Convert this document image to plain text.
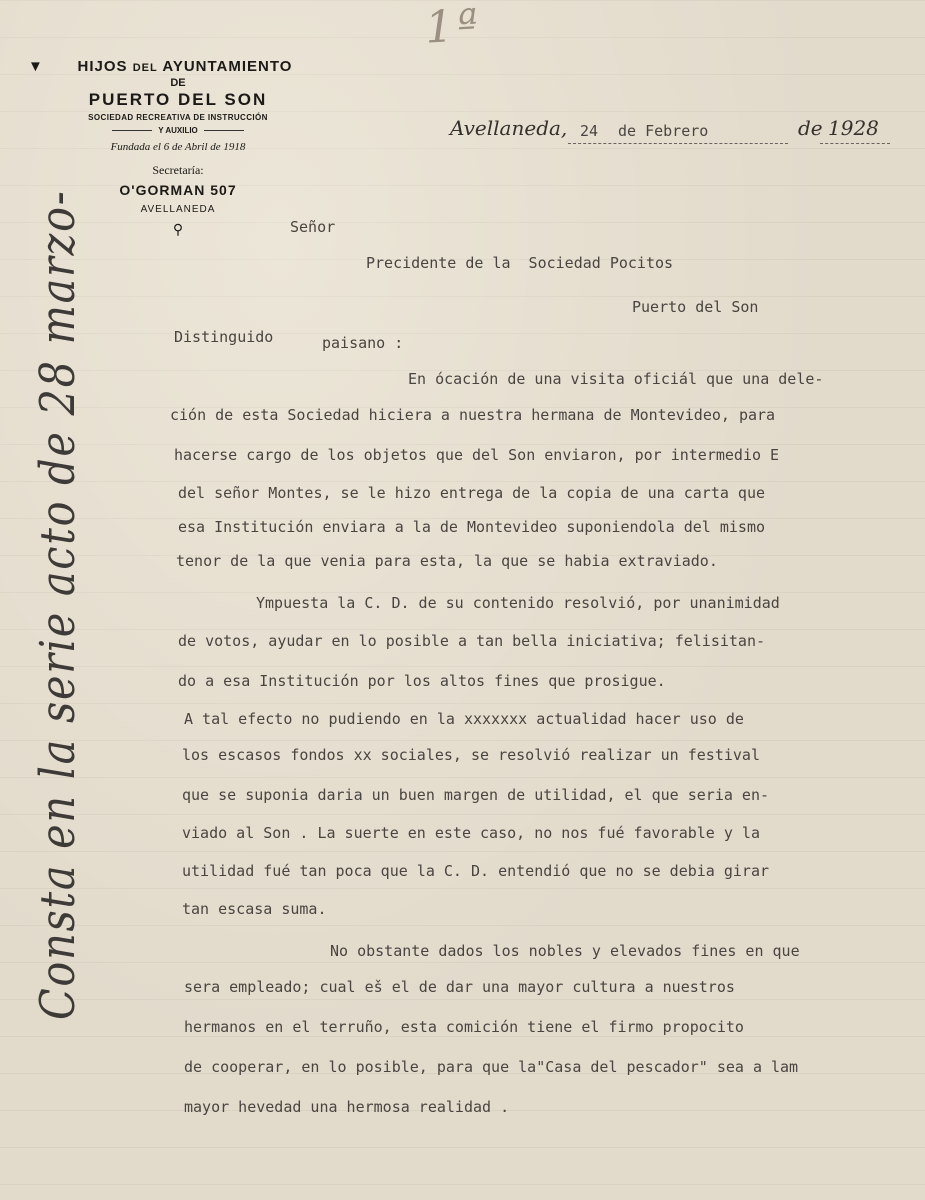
1ª
▼	HIJOS DEL AYUNTAMIENTO
DE
PUERTO DEL SON
SOCIEDAD RECREATIVA DE INSTRUCCIÓN
Y AUXILIO
Fundada el 6 de Abril de 1918
Secretaría:
O'GORMAN 507
AVELLANEDA
⚲
Avellaneda, 24 de Febrero	de 1928
Señor
Precidente de la  Sociedad Pocitos
Puerto del Son
Distinguido	paisano :
En ócación de una visita oficiál que una dele-
ción de esta Sociedad hiciera a nuestra hermana de Montevideo, para
hacerse cargo de los objetos que del Son enviaron, por intermedio E
del señor Montes, se le hizo entrega de la copia de una carta que
esa Institución enviara a la de Montevideo suponiendola del mismo
tenor de la que venia para esta, la que se habia extraviado.
Ympuesta la C. D. de su contenido resolvió, por unanimidad
de votos, ayudar en lo posible a tan bella iniciativa; felisitan-
do a esa Institución por los altos fines que prosigue.
A tal efecto no pudiendo en la xxxxxxx actualidad hacer uso de
los escasos fondos xx sociales, se resolvió realizar un festival
que se suponia daria un buen margen de utilidad, el que seria en-
viado al Son . La suerte en este caso, no nos fué favorable y la
utilidad fué tan poca que la C. D. entendió que no se debia girar
tan escasa suma.
No obstante dados los nobles y elevados fines en que
sera empleado; cual eš el de dar una mayor cultura a nuestros
hermanos en el terruño, esta comición tiene el firmo propocito
de cooperar, en lo posible, para que la"Casa del pescador" sea a lam
mayor hevedad una hermosa realidad .
Consta en la serie acto de 28 marzo-
